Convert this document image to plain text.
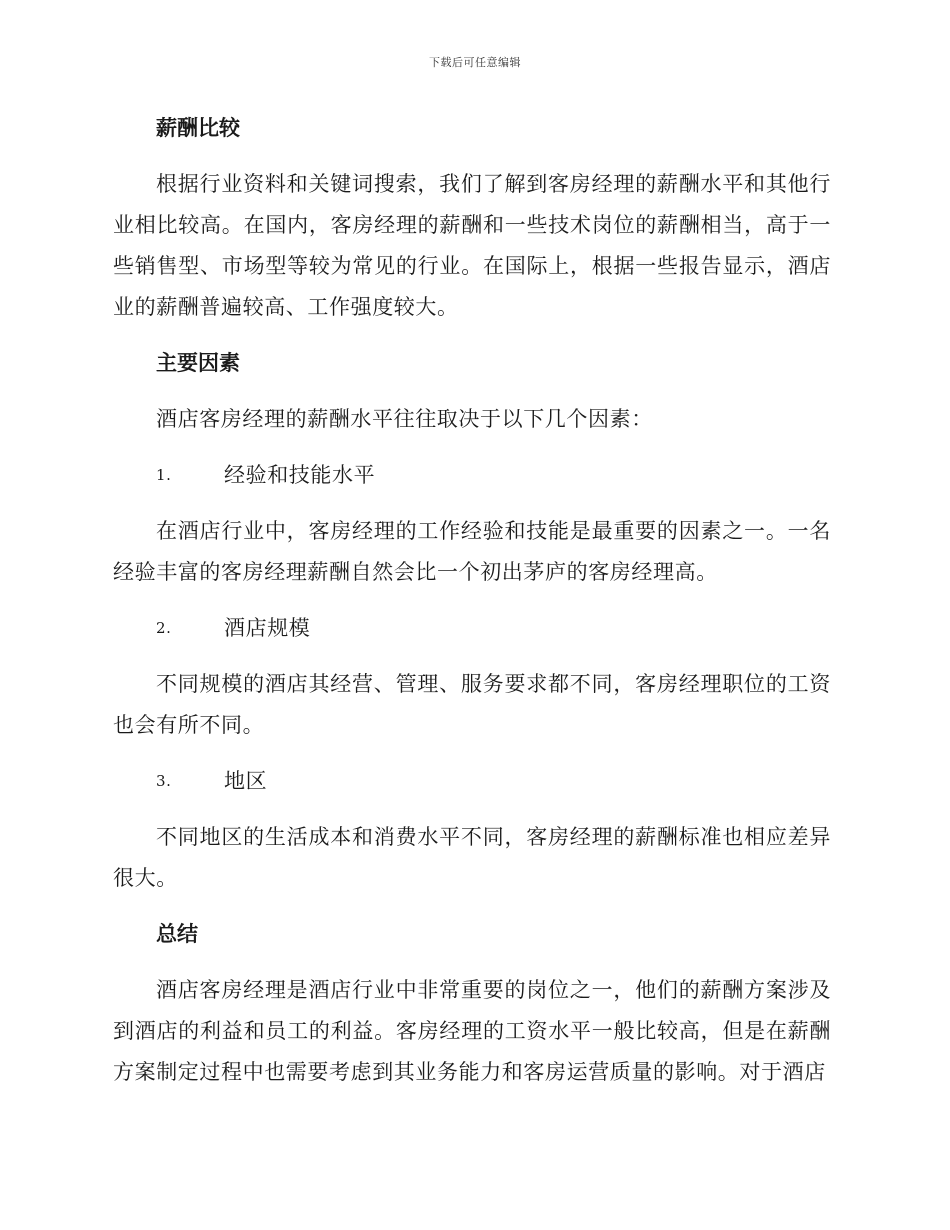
下载后可任意编辑
薪酬比较

根据行业资料和关键词搜索，我们了解到客房经理的薪酬水平和其他行业相比较高。在国内，客房经理的薪酬和一些技术岗位的薪酬相当，高于一些销售型、市场型等较为常见的行业。在国际上，根据一些报告显示，酒店业的薪酬普遍较高、工作强度较大。

主要因素

酒店客房经理的薪酬水平往往取决于以下几个因素：

1.	经验和技能水平

在酒店行业中，客房经理的工作经验和技能是最重要的因素之一。一名经验丰富的客房经理薪酬自然会比一个初出茅庐的客房经理高。

2.	酒店规模

不同规模的酒店其经营、管理、服务要求都不同，客房经理职位的工资也会有所不同。

3.	地区

不同地区的生活成本和消费水平不同，客房经理的薪酬标准也相应差异很大。

总结

酒店客房经理是酒店行业中非常重要的岗位之一，他们的薪酬方案涉及到酒店的利益和员工的利益。客房经理的工资水平一般比较高，但是在薪酬方案制定过程中也需要考虑到其业务能力和客房运营质量的影响。对于酒店
